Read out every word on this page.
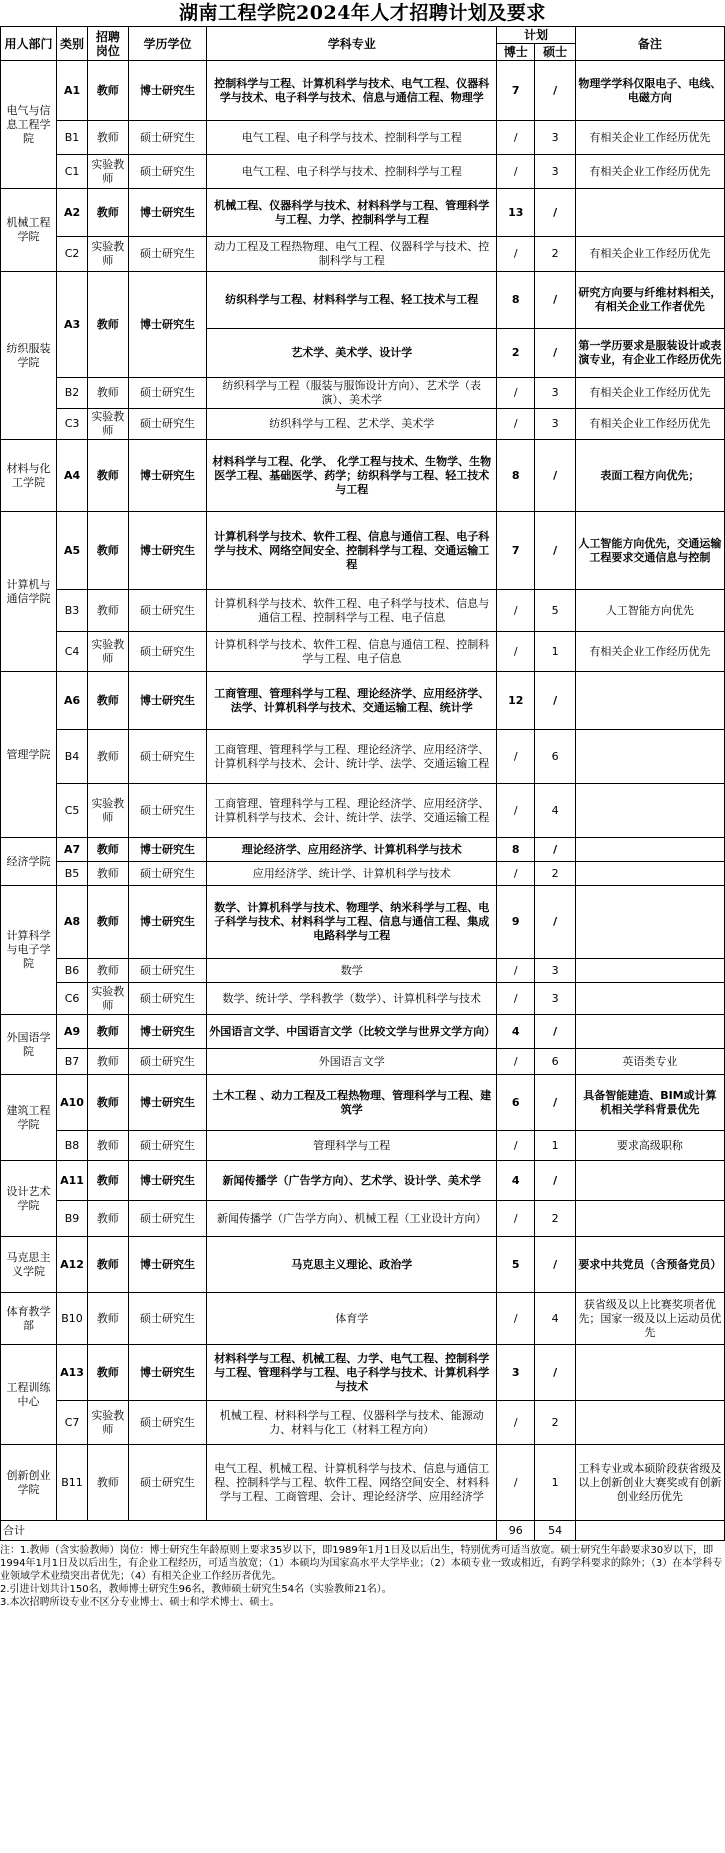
湖南工程学院2024年人才招聘计划及要求
用人部门	类别	招聘岗位	学历学位	学科专业	计划		备注
					博士	硕士	
电气与信息工程学院	A1	教师	博士研究生	控制科学与工程、计算机科学与技术、电气工程、仪器科学与技术、电子科学与技术、信息与通信工程、物理学	7	/	物理学学科仅限电子、电线、电磁方向
	B1	教师	硕士研究生	电气工程、电子科学与技术、控制科学与工程	/	3	有相关企业工作经历优先
	C1	实验教师	硕士研究生	电气工程、电子科学与技术、控制科学与工程	/	3	有相关企业工作经历优先
机械工程学院	A2	教师	博士研究生	机械工程、仪器科学与技术、材料科学与工程、管理科学与工程、力学、控制科学与工程	13	/	
	C2	实验教师	硕士研究生	动力工程及工程热物理、电气工程、仪器科学与技术、控制科学与工程	/	2	有相关企业工作经历优先
纺织服装学院	A3	教师	博士研究生	纺织科学与工程、材料科学与工程、轻工技术与工程	8	/	研究方向要与纤维材料相关，有相关企业工作者优先
				艺术学、美术学、设计学	2	/	第一学历要求是服装设计或表演专业，有企业工作经历优先
	B2	教师	硕士研究生	纺织科学与工程（服装与服饰设计方向）、艺术学（表演）、美术学	/	3	有相关企业工作经历优先
	C3	实验教师	硕士研究生	纺织科学与工程、艺术学、美术学	/	3	有相关企业工作经历优先
材料与化工学院	A4	教师	博士研究生	材料科学与工程、化学、 化学工程与技术、生物学、生物医学工程、基础医学、药学；纺织科学与工程、轻工技术与工程	8	/	表面工程方向优先；
计算机与通信学院	A5	教师	博士研究生	计算机科学与技术、软件工程、信息与通信工程、电子科学与技术、网络空间安全、控制科学与工程、交通运输工程	7	/	人工智能方向优先，交通运输工程要求交通信息与控制
	B3	教师	硕士研究生	计算机科学与技术、软件工程、电子科学与技术、信息与通信工程、控制科学与工程、电子信息	/	5	人工智能方向优先
	C4	实验教师	硕士研究生	计算机科学与技术、软件工程、信息与通信工程、控制科学与工程、电子信息	/	1	有相关企业工作经历优先
管理学院	A6	教师	博士研究生	工商管理、管理科学与工程、理论经济学、应用经济学、法学、计算机科学与技术、交通运输工程、统计学	12	/	
	B4	教师	硕士研究生	工商管理、管理科学与工程、理论经济学、应用经济学、计算机科学与技术、会计、统计学、法学、交通运输工程	/	6	
	C5	实验教师	硕士研究生	工商管理、管理科学与工程、理论经济学、应用经济学、计算机科学与技术、会计、统计学、法学、交通运输工程	/	4	
经济学院	A7	教师	博士研究生	理论经济学、应用经济学、计算机科学与技术	8	/	
	B5	教师	硕士研究生	应用经济学、统计学、计算机科学与技术	/	2	
计算科学与电子学院	A8	教师	博士研究生	数学、计算机科学与技术、物理学、纳米科学与工程、电子科学与技术、材料科学与工程、信息与通信工程、集成电路科学与工程	9	/	
	B6	教师	硕士研究生	数学	/	3	
	C6	实验教师	硕士研究生	数学、统计学、学科教学（数学）、计算机科学与技术	/	3	
外国语学院	A9	教师	博士研究生	外国语言文学、中国语言文学（比较文学与世界文学方向）	4	/	
	B7	教师	硕士研究生	外国语言文学	/	6	英语类专业
建筑工程学院	A10	教师	博士研究生	土木工程 、动力工程及工程热物理、管理科学与工程、建筑学	6	/	具备智能建造、BIM或计算机相关学科背景优先
	B8	教师	硕士研究生	管理科学与工程	/	1	要求高级职称
设计艺术学院	A11	教师	博士研究生	新闻传播学（广告学方向）、艺术学、设计学、美术学	4	/	
	B9	教师	硕士研究生	新闻传播学（广告学方向）、机械工程（工业设计方向）	/	2	
马克思主义学院	A12	教师	博士研究生	马克思主义理论、政治学	5	/	要求中共党员（含预备党员）
体育教学部	B10	教师	硕士研究生	体育学	/	4	获省级及以上比赛奖项者优先；国家一级及以上运动员优先
工程训练中心	A13	教师	博士研究生	材料科学与工程、机械工程、力学、电气工程、控制科学与工程、管理科学与工程、电子科学与技术、计算机科学与技术	3	/	
	C7	实验教师	硕士研究生	机械工程、材料科学与工程、仪器科学与技术、能源动力、材料与化工（材料工程方向）	/	2	
创新创业学院	B11	教师	硕士研究生	电气工程、机械工程、计算机科学与技术、信息与通信工程、控制科学与工程、软件工程、网络空间安全、材料科学与工程、工商管理、会计、理论经济学、应用经济学	/	1	工科专业或本硕阶段获省级及以上创新创业大赛奖或有创新创业经历优先
合计					96	54	

注：1.教师（含实验教师）岗位：博士研究生年龄原则上要求35岁以下，即1989年1月1日及以后出生，特别优秀可适当放宽。硕士研究生年龄要求30岁以下，即1994年1月1日及以后出生，有企业工程经历，可适当放宽；（1）本硕均为国家高水平大学毕业；（2）本硕专业一致或相近，有跨学科要求的除外；（3）在本学科专业领域学术业绩突出者优先；（4）有相关企业工作经历者优先。

2.引进计划共计150名，教师博士研究生96名，教师硕士研究生54名（实验教师21名）。

3.本次招聘所设专业不区分专业博士、硕士和学术博士、硕士。
